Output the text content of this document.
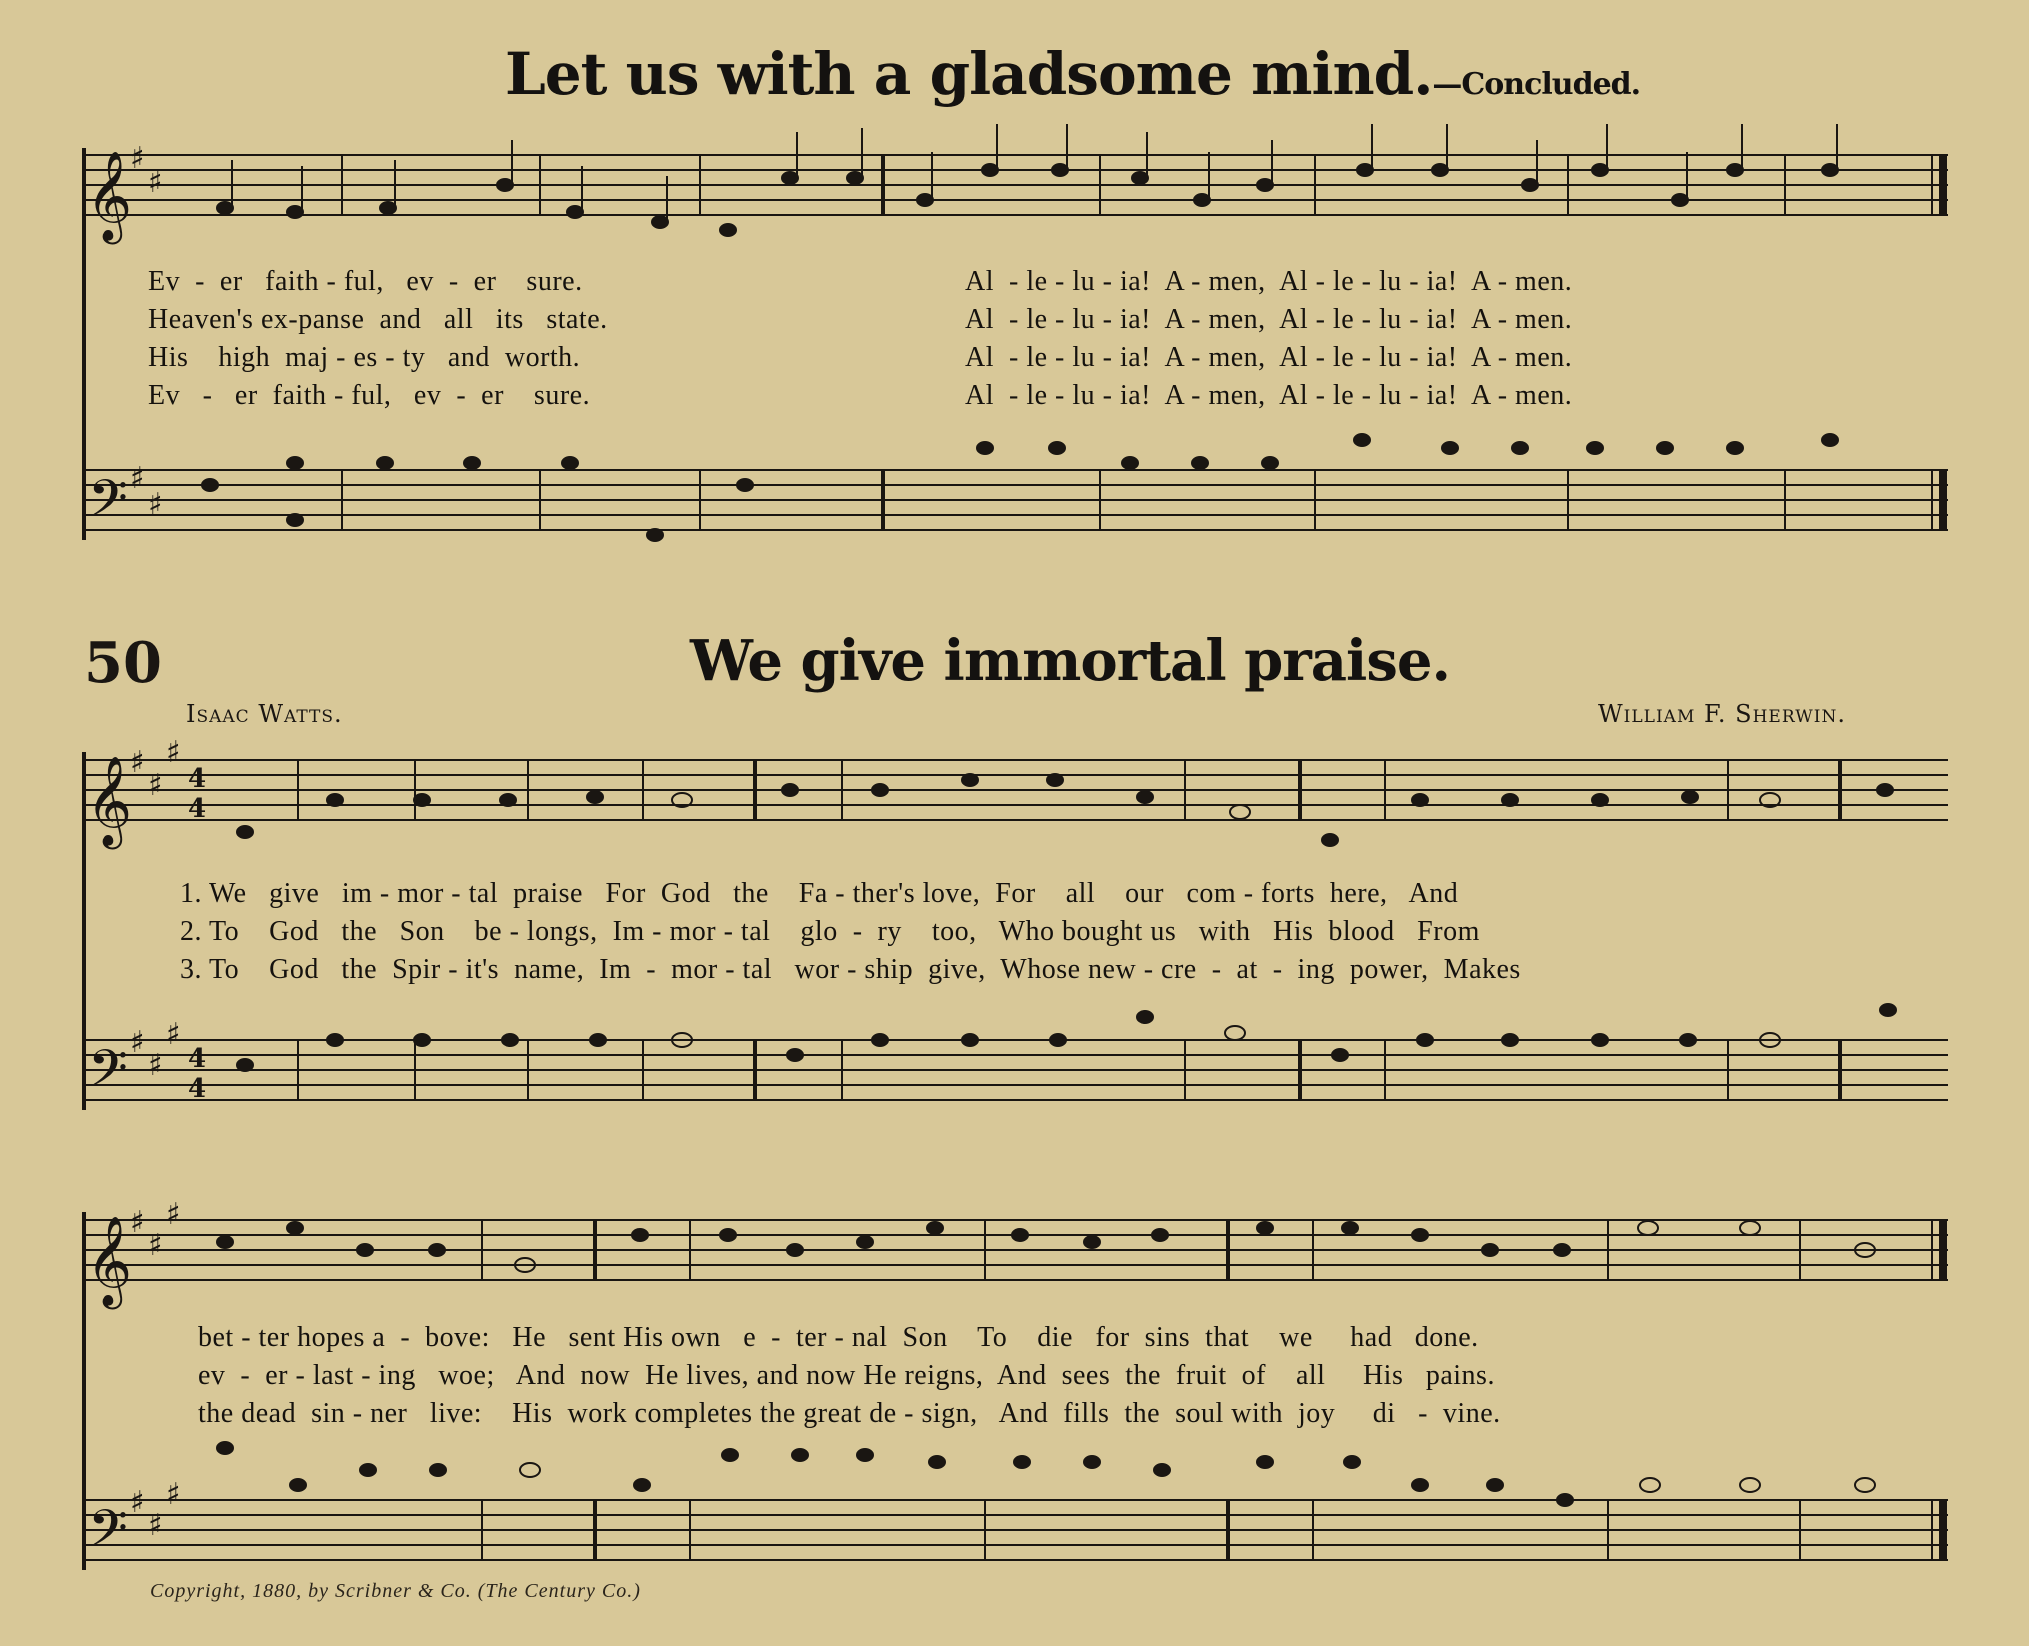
Let us with a gladsome mind.—Concluded.
𝄞
𝄢
𝄞
𝄢
𝄞
𝄢
♯
♯
♯
♯
♯
♯
♯
♯
♯
♯
♯
♯
♯
♯
♯
♯
4
4
4
4
Ev  -  er   faith - ful,   ev  -  er    sure.
Heaven's ex-panse  and   all   its   state.
His    high  maj - es - ty   and  worth.
Ev   -   er  faith - ful,   ev  -  er    sure.
Al  - le - lu - ia!  A - men,  Al - le - lu - ia!  A - men.
Al  - le - lu - ia!  A - men,  Al - le - lu - ia!  A - men.
Al  - le - lu - ia!  A - men,  Al - le - lu - ia!  A - men.
Al  - le - lu - ia!  A - men,  Al - le - lu - ia!  A - men.
50	We give immortal praise.
Isaac Watts.	William F. Sherwin.
1. We   give   im - mor - tal  praise   For  God   the    Fa - ther's love,  For    all    our   com - forts  here,   And
2. To    God   the   Son    be - longs,  Im - mor - tal    glo  -  ry    too,   Who bought us   with   His  blood   From
3. To    God   the  Spir - it's  name,  Im  -  mor - tal   wor - ship  give,  Whose new - cre  -  at  -  ing  power,  Makes
bet - ter hopes a  -  bove:   He   sent His own   e  -  ter - nal  Son    To    die   for  sins  that    we     had   done.
ev  -  er - last - ing   woe;   And  now  He lives, and now He reigns,  And  sees  the  fruit  of    all     His   pains.
the dead  sin - ner   live:    His  work completes the great de - sign,   And  fills  the  soul with  joy     di   -  vine.
Copyright, 1880, by Scribner & Co. (The Century Co.)
